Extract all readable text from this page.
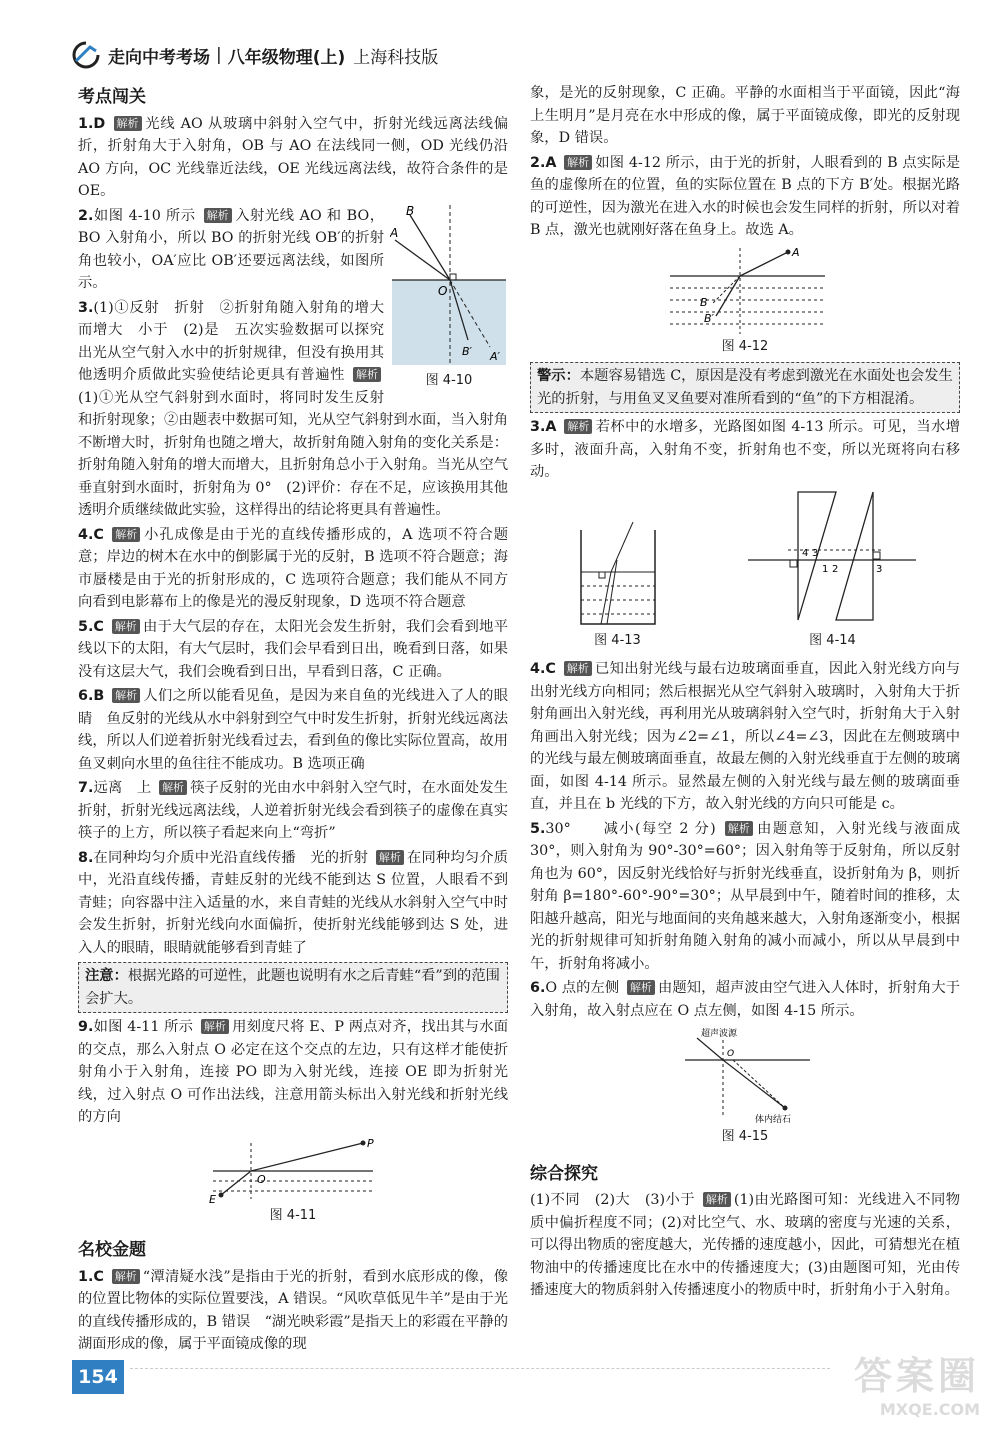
走向中考考场 | 八年级物理(上) 上海科技版
考点闯关
1.D 解析 光线 AO 从玻璃中斜射入空气中，折射光线远离法线偏折，折射角大于入射角，OB 与 AO 在法线同一侧，OD 光线仍沿 AO 方向，OC 光线靠近法线，OE 光线远离法线，故符合条件的是 OE。
B
A
O
B′ A′
图 4-10
2.如图 4-10 所示 解析 入射光线 AO 和 BO，BO 入射角小，所以 BO 的折射光线 OB′的折射角也较小，OA′应比 OB′还要远离法线，如图所示。
3.(1)①反射　折射　②折射角随入射角的增大而增大　小于　(2)是　五次实验数据可以探究出光从空气射入水中的折射规律，但没有换用其他透明介质做此实验使结论更具有普遍性 解析(1)①光从空气斜射到水面时，将同时发生反射和折射现象；②由题表中数据可知，光从空气斜射到水面，当入射角不断增大时，折射角也随之增大，故折射角随入射角的变化关系是：折射角随入射角的增大而增大，且折射角总小于入射角。当光从空气垂直射到水面时，折射角为 0°　(2)评价：存在不足，应该换用其他透明介质继续做此实验，这样得出的结论将更具有普遍性。
4.C 解析 小孔成像是由于光的直线传播形成的，A 选项不符合题意；岸边的树木在水中的倒影属于光的反射，B 选项不符合题意；海市蜃楼是由于光的折射形成的，C 选项符合题意；我们能从不同方向看到电影幕布上的像是光的漫反射现象，D 选项不符合题意
5.C 解析 由于大气层的存在，太阳光会发生折射，我们会看到地平线以下的太阳，有大气层时，我们会早看到日出，晚看到日落，如果没有这层大气，我们会晚看到日出，早看到日落，C 正确。
6.B 解析 人们之所以能看见鱼，是因为来自鱼的光线进入了人的眼睛　鱼反射的光线从水中斜射到空气中时发生折射，折射光线远离法线，所以人们逆着折射光线看过去，看到鱼的像比实际位置高，故用鱼叉刺向水里的鱼往往不能成功。B 选项正确
7.远离　上 解析 筷子反射的光由水中斜射入空气时，在水面处发生折射，折射光线远离法线，人逆着折射光线会看到筷子的虚像在真实筷子的上方，所以筷子看起来向上“弯折”
8.在同种均匀介质中光沿直线传播　光的折射 解析 在同种均匀介质中，光沿直线传播，青蛙反射的光线不能到达 S 位置，人眼看不到青蛙；向容器中注入适量的水，来自青蛙的光线从水斜射入空气中时会发生折射，折射光线向水面偏折，使折射光线能够到达 S 处，进入人的眼睛，眼睛就能够看到青蛙了
注意：根据光路的可逆性，此题也说明有水之后青蛙“看”到的范围会扩大。
9.如图 4-11 所示 解析 用刻度尺将 E、P 两点对齐，找出其与水面的交点，那么入射点 O 必定在这个交点的左边，只有这样才能使折射角小于入射角，连接 PO 即为入射光线，连接 OE 即为折射光线，过入射点 O 可作出法线，注意用箭头标出入射光线和折射光线的方向
P
O
E
图 4-11
名校金题
1.C 解析 “潭清疑水浅”是指由于光的折射，看到水底形成的像，像的位置比物体的实际位置要浅，A 错误。“风吹草低见牛羊”是由于光的直线传播形成的，B 错误　“湖光映彩霞”是指天上的彩霞在平静的湖面形成的像，属于平面镜成像的现
象，是光的反射现象，C 正确。平静的水面相当于平面镜，因此“海上生明月”是月亮在水中形成的像，属于平面镜成像，即光的反射现象，D 错误。
2.A 解析 如图 4-12 所示，由于光的折射，人眼看到的 B 点实际是鱼的虚像所在的位置，鱼的实际位置在 B 点的下方 B′处。根据光路的可逆性，因为激光在进入水的时候也会发生同样的折射，所以对着 B 点，激光也就刚好落在鱼身上。故选 A。
A
B
B′
图 4-12
警示：本题容易错选 C，原因是没有考虑到激光在水面处也会发生光的折射，与用鱼叉叉鱼要对准所看到的“鱼”的下方相混淆。
3.A 解析 若杯中的水增多，光路图如图 4-13 所示。可见，当水增多时，液面升高，入射角不变，折射角也不变，所以光斑将向右移动。
图 4-13
4 3
1 2	3
图 4-14
4.C 解析 已知出射光线与最右边玻璃面垂直，因此入射光线方向与出射光线方向相同；然后根据光从空气斜射入玻璃时，入射角大于折射角画出入射光线，再利用光从玻璃斜射入空气时，折射角大于入射角画出入射光线；因为∠2=∠1，所以∠4=∠3，因此在左侧玻璃中的光线与最左侧玻璃面垂直，故最左侧的入射光线垂直于左侧的玻璃面，如图 4-14 所示。显然最左侧的入射光线与最左侧的玻璃面垂直，并且在 b 光线的下方，故入射光线的方向只可能是 c。
5.30°　　减小(每空 2 分) 解析 由题意知，入射光线与液面成 30°，则入射角为 90°-30°=60°；因入射角等于反射角，所以反射角也为 60°，因反射光线恰好与折射光线垂直，设折射角为 β，则折射角 β=180°-60°-90°=30°；从早晨到中午，随着时间的推移，太阳越升越高，阳光与地面间的夹角越来越大，入射角逐渐变小，根据光的折射规律可知折射角随入射角的减小而减小，所以从早晨到中午，折射角将减小。
6.O 点的左侧 解析 由题知，超声波由空气进入人体时，折射角大于入射角，故入射点应在 O 点左侧，如图 4-15 所示。
超声波源
O
体内结石
图 4-15
综合探究
(1)不同　(2)大　(3)小于 解析 (1)由光路图可知：光线进入不同物质中偏折程度不同；(2)对比空气、水、玻璃的密度与光速的关系，可以得出物质的密度越大，光传播的速度越小，因此，可猜想光在植物油中的传播速度比在水中的传播速度大；(3)由题图可知，光由传播速度大的物质斜射入传播速度小的物质中时，折射角小于入射角。
154	答案圈
MXQE.COM
